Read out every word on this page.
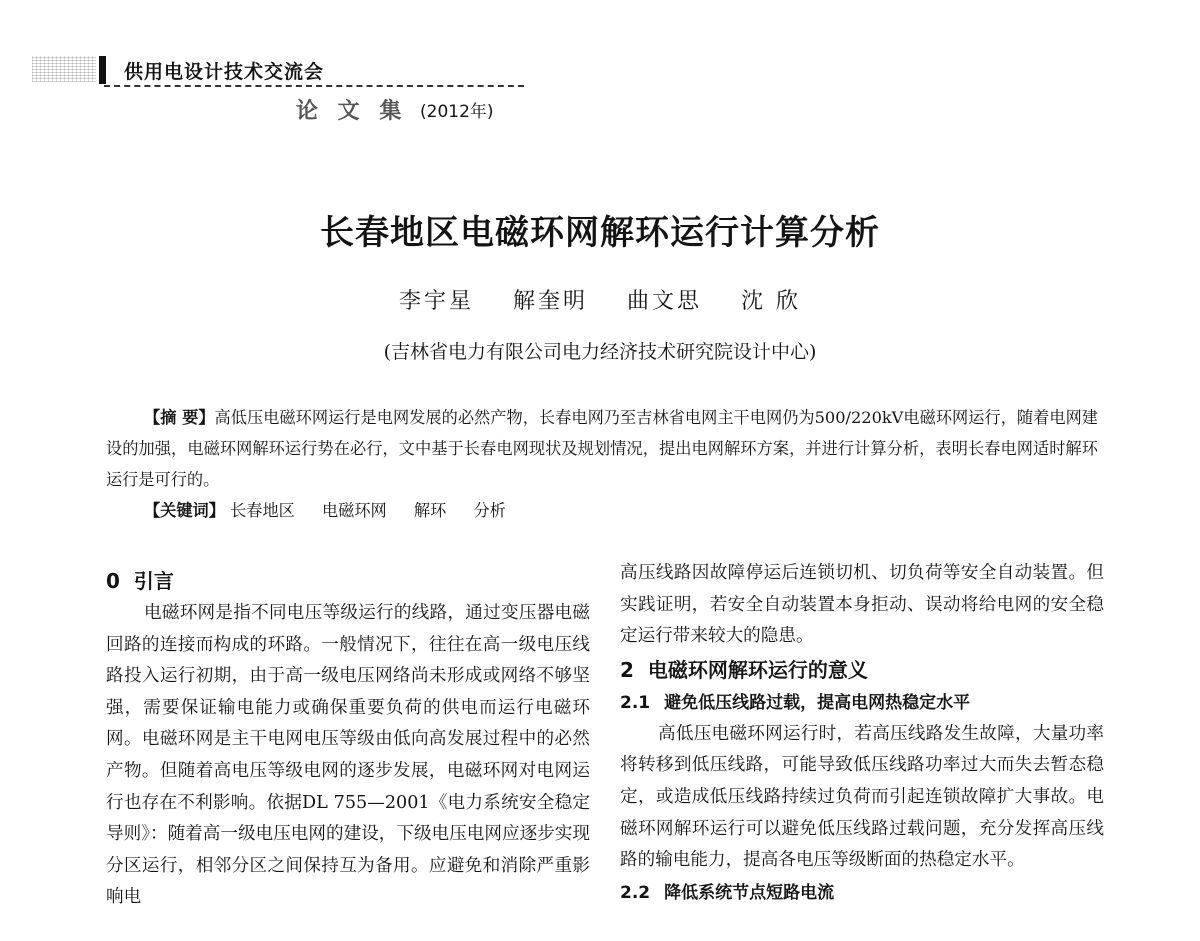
供用电设计技术交流会
论 文 集 (2012年)
长春地区电磁环网解环运行计算分析
李宇星 解奎明 曲文思 沈 欣
(吉林省电力有限公司电力经济技术研究院设计中心)
【摘 要】高低压电磁环网运行是电网发展的必然产物，长春电网乃至吉林省电网主干电网仍为500/220kV电磁环网运行，随着电网建设的加强，电磁环网解环运行势在必行，文中基于长春电网现状及规划情况，提出电网解环方案，并进行计算分析，表明长春电网适时解环运行是可行的。
【关键词】 长春地区 电磁环网 解环 分析
0 引言

电磁环网是指不同电压等级运行的线路，通过变压器电磁回路的连接而构成的环路。一般情况下，往往在高一级电压线路投入运行初期，由于高一级电压网络尚未形成或网络不够坚强，需要保证输电能力或确保重要负荷的供电而运行电磁环网。电磁环网是主干电网电压等级由低向高发展过程中的必然产物。但随着高电压等级电网的逐步发展，电磁环网对电网运行也存在不利影响。依据DL 755—2001《电力系统安全稳定导则》：随着高一级电压电网的建设，下级电压电网应逐步实现分区运行，相邻分区之间保持互为备用。应避免和消除严重影响电

高压线路因故障停运后连锁切机、切负荷等安全自动装置。但实践证明，若安全自动装置本身拒动、误动将给电网的安全稳定运行带来较大的隐患。

2 电磁环网解环运行的意义
2.1 避免低压线路过载，提高电网热稳定水平

高低压电磁环网运行时，若高压线路发生故障，大量功率将转移到低压线路，可能导致低压线路功率过大而失去暂态稳定，或造成低压线路持续过负荷而引起连锁故障扩大事故。电磁环网解环运行可以避免低压线路过载问题，充分发挥高压线路的输电能力，提高各电压等级断面的热稳定水平。

2.2 降低系统节点短路电流
